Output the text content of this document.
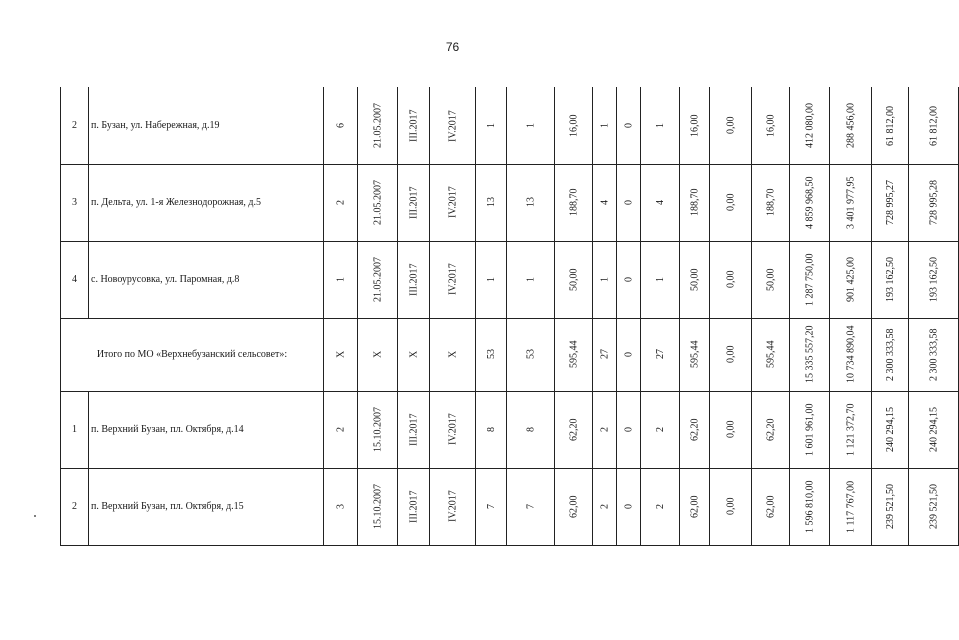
76
2	п. Бузан, ул. Набережная, д.19	6	21.05.2007	III.2017	IV.2017	1	1	16,00	1	0	1	16,00	0,00	16,00	412 080,00	288 456,00	61 812,00	61 812,00	
3	п. Дельта, ул. 1-я Железнодорожная, д.5	2	21.05.2007	III.2017	IV.2017	13	13	188,70	4	0	4	188,70	0,00	188,70	4 859 968,50	3 401 977,95	728 995,27	728 995,28	
4	с. Новоурусовка, ул. Паромная, д.8	1	21.05.2007	III.2017	IV.2017	1	1	50,00	1	0	1	50,00	0,00	50,00	1 287 750,00	901 425,00	193 162,50	193 162,50	
Итого по МО «Верхнебузанский сельсовет»:		X	X	X	X	53	53	595,44	27	0	27	595,44	0,00	595,44	15 335 557,20	10 734 890,04	2 300 333,58	2 300 333,58	
1	п. Верхний Бузан, пл. Октября, д.14	2	15.10.2007	III.2017	IV.2017	8	8	62,20	2	0	2	62,20	0,00	62,20	1 601 961,00	1 121 372,70	240 294,15	240 294,15	
2	п. Верхний Бузан, пл. Октября, д.15	3	15.10.2007	III.2017	IV.2017	7	7	62,00	2	0	2	62,00	0,00	62,00	1 596 810,00	1 117 767,00	239 521,50	239 521,50	
